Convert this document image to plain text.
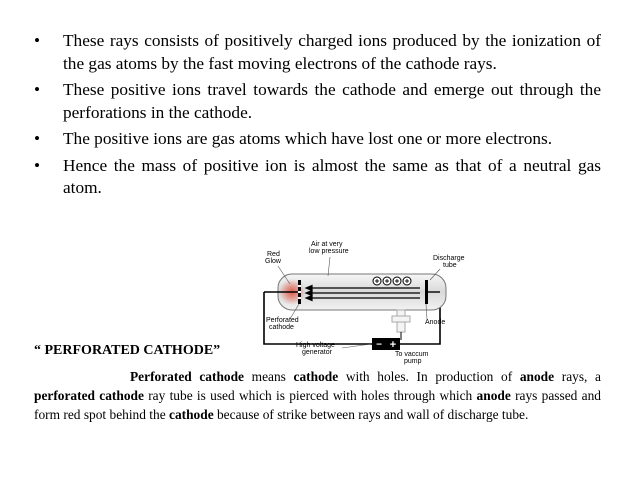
• These rays consists of positively charged ions produced by the ionization of the gas atoms by the fast moving electrons of the cathode rays.
• These positive ions travel towards the cathode and emerge out through the perforations in the cathode.
• The positive ions are gas atoms which have lost one or more electrons.
• Hence the mass of positive ion is almost the same as that of a neutral gas atom.
− +
Red
Glow
Air at very
low pressure
Discharge
tube
Perforated
cathode
Anode
High voltage
generator	To vaccum
pump
“ PERFORATED CATHODE”

Perforated cathode means cathode with holes. In production of anode rays, a perforated cathode ray tube is used which is pierced with holes through which anode rays passed and form red spot behind the cathode because of strike between rays and wall of discharge tube.
